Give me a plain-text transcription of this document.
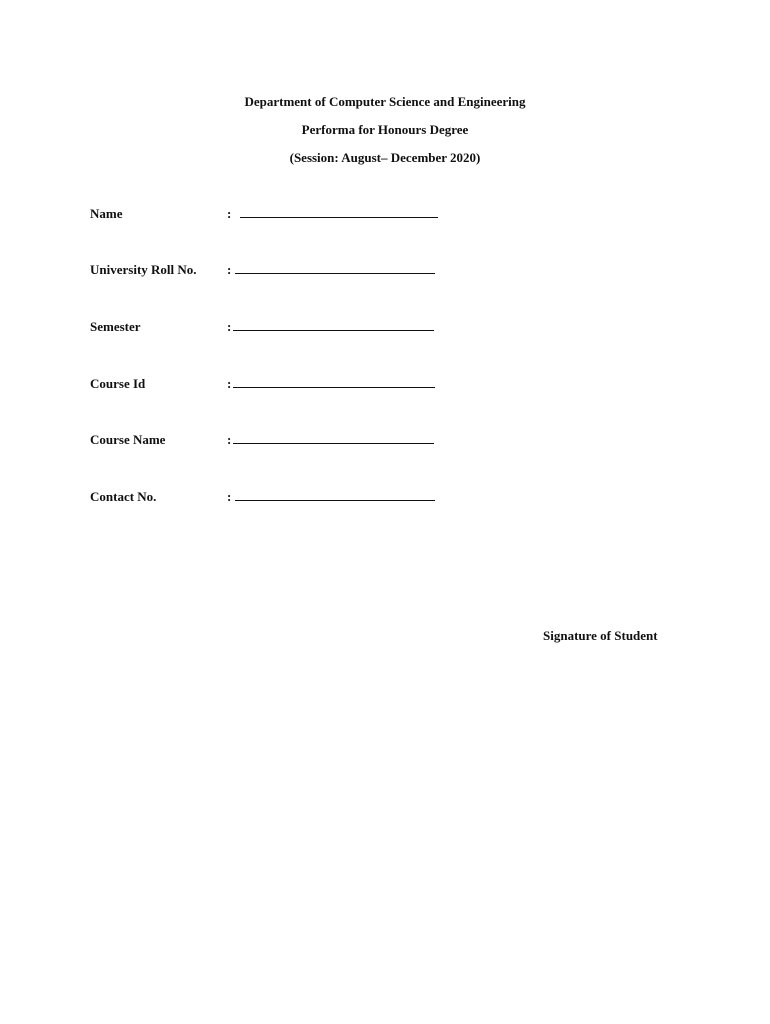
Department of Computer Science and Engineering
Performa for Honours Degree
(Session: August– December 2020)
Name	:
University Roll No. :
Semester	:
Course Id	:
Course Name	:
Contact No.	:
Signature of Student
